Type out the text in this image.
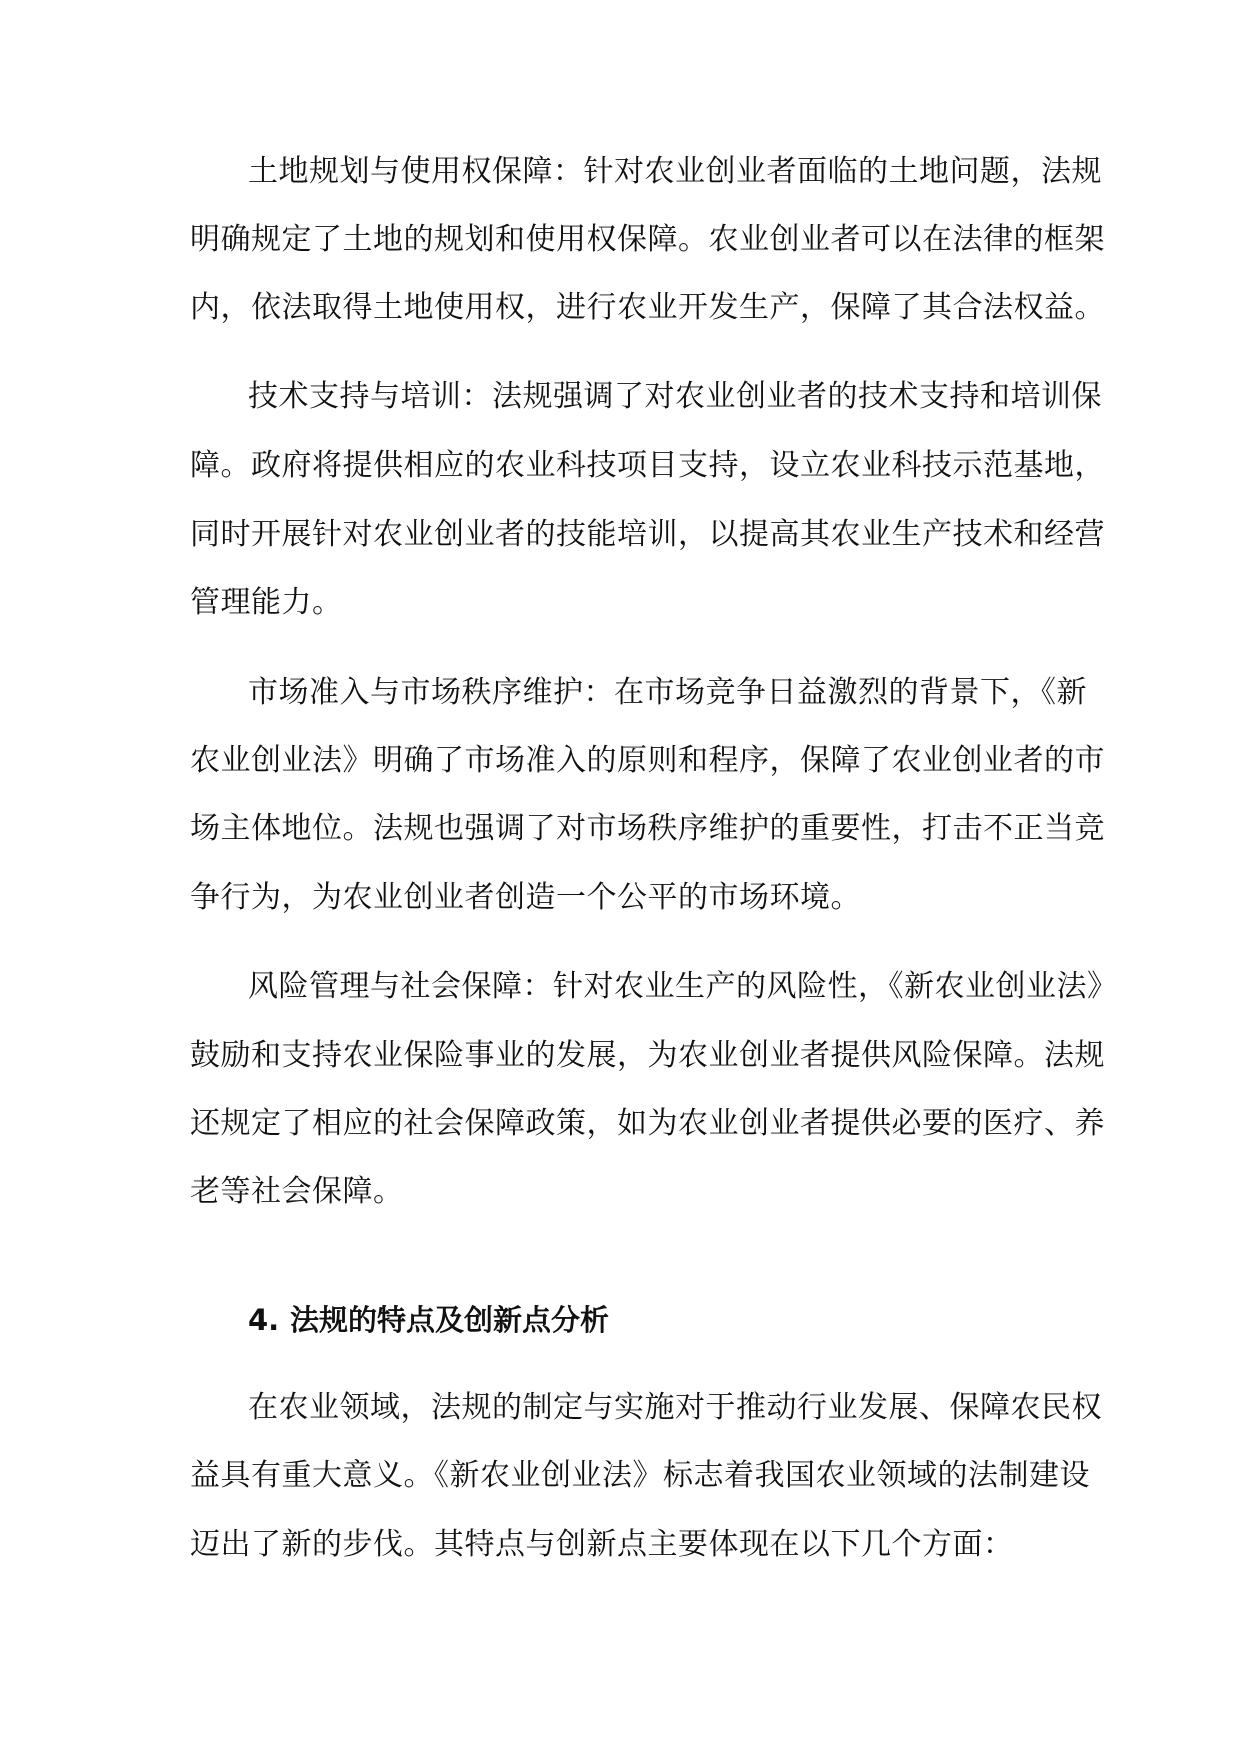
土地规划与使用权保障：针对农业创业者面临的土地问题，法规
明确规定了土地的规划和使用权保障。农业创业者可以在法律的框架
内，依法取得土地使用权，进行农业开发生产，保障了其合法权益。
技术支持与培训：法规强调了对农业创业者的技术支持和培训保
障。政府将提供相应的农业科技项目支持，设立农业科技示范基地，
同时开展针对农业创业者的技能培训，以提高其农业生产技术和经营
管理能力。
市场准入与市场秩序维护：在市场竞争日益激烈的背景下，《新
农业创业法》明确了市场准入的原则和程序，保障了农业创业者的市
场主体地位。法规也强调了对市场秩序维护的重要性，打击不正当竞
争行为，为农业创业者创造一个公平的市场环境。
风险管理与社会保障：针对农业生产的风险性，《新农业创业法》
鼓励和支持农业保险事业的发展，为农业创业者提供风险保障。法规
还规定了相应的社会保障政策，如为农业创业者提供必要的医疗、养
老等社会保障。
4. 法规的特点及创新点分析
在农业领域，法规的制定与实施对于推动行业发展、保障农民权
益具有重大意义。《新农业创业法》标志着我国农业领域的法制建设
迈出了新的步伐。其特点与创新点主要体现在以下几个方面：
